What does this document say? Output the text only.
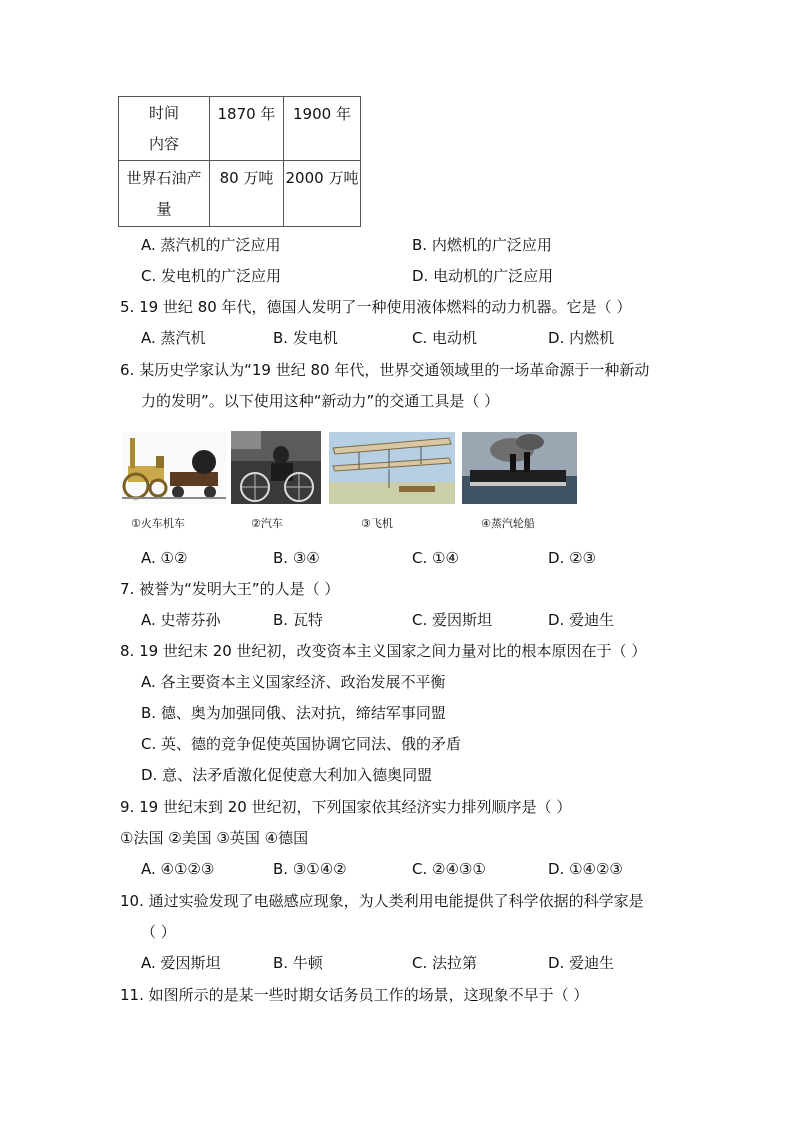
时间
内容	1870 年	1900 年
世界石油产
量	80 万吨	2000 万吨
A. 蒸汽机的广泛应用	B. 内燃机的广泛应用
C. 发电机的广泛应用	D. 电动机的广泛应用
5. 19 世纪 80 年代，德国人发明了一种使用液体燃料的动力机器。它是（ ）
A. 蒸汽机	B. 发电机	C. 电动机	D. 内燃机
6. 某历史学家认为“19 世纪 80 年代，世界交通领域里的一场革命源于一种新动
力的发明”。以下使用这种“新动力”的交通工具是（ ）
①火车机车	②汽车	③飞机	④蒸汽轮船
A. ①②	B. ③④	C. ①④	D. ②③
7. 被誉为“发明大王”的人是（ ）
A. 史蒂芬孙	B. 瓦特	C. 爱因斯坦	D. 爱迪生
8. 19 世纪末 20 世纪初，改变资本主义国家之间力量对比的根本原因在于（ ）
A. 各主要资本主义国家经济、政治发展不平衡
B. 德、奥为加强同俄、法对抗，缔结军事同盟
C. 英、德的竞争促使英国协调它同法、俄的矛盾
D. 意、法矛盾激化促使意大利加入德奥同盟
9. 19 世纪末到 20 世纪初，下列国家依其经济实力排列顺序是（ ）
①法国 ②美国 ③英国 ④德国
A. ④①②③	B. ③①④②	C. ②④③①	D. ①④②③
10. 通过实验发现了电磁感应现象，为人类利用电能提供了科学依据的科学家是
（ ）
A. 爱因斯坦	B. 牛顿	C. 法拉第	D. 爱迪生
11. 如图所示的是某一些时期女话务员工作的场景，这现象不早于（ ）
